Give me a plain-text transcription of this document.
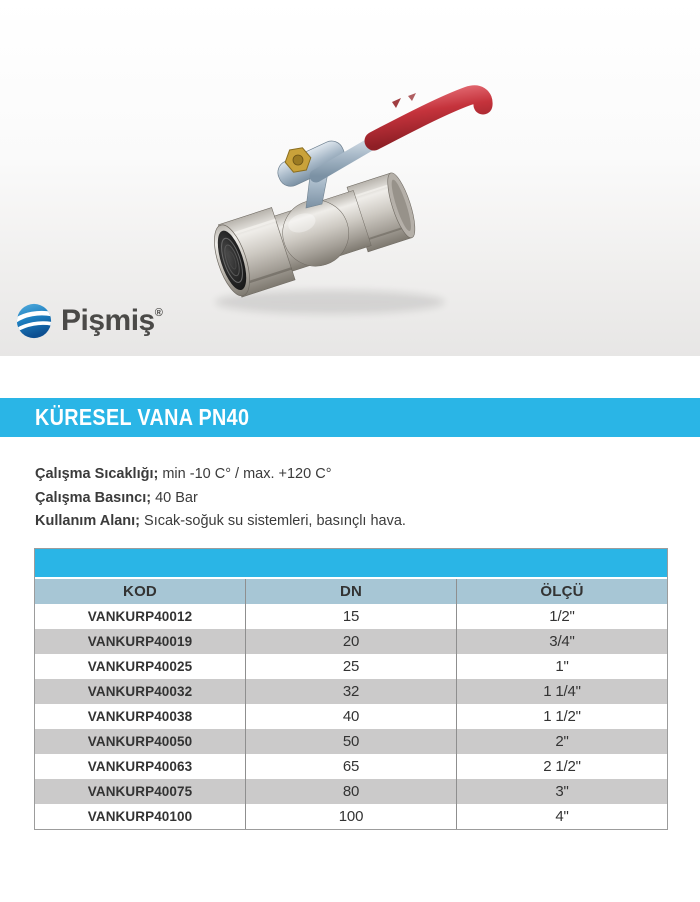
Pişmiş®
KÜRESEL VANA PN40
Çalışma Sıcaklığı; min -10 C° / max. +120 C°
Çalışma Basıncı; 40 Bar
Kullanım Alanı; Sıcak-soğuk su sistemleri, basınçlı hava.
KOD	DN	ÖLÇÜ
VANKURP40012	15	1/2"
VANKURP40019	20	3/4"
VANKURP40025	25	1"
VANKURP40032	32	1 1/4"
VANKURP40038	40	1 1/2"
VANKURP40050	50	2"
VANKURP40063	65	2 1/2"
VANKURP40075	80	3"
VANKURP40100	100	4"
